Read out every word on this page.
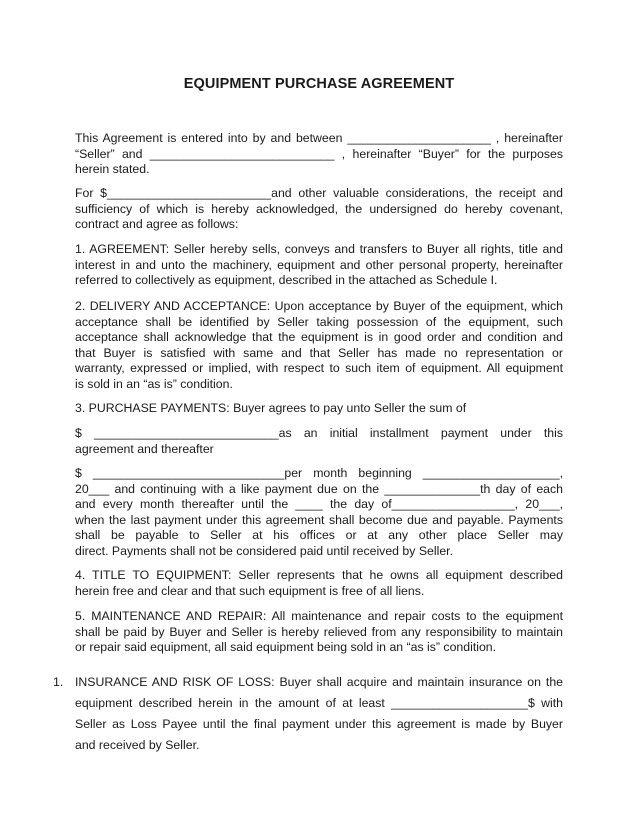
EQUIPMENT PURCHASE AGREEMENT
This Agreement is entered into by and between _____________________ , hereinafter
“Seller” and ___________________________ , hereinafter “Buyer” for the purposes
herein stated.
For $________________________and other valuable considerations, the receipt and
sufficiency of which is hereby acknowledged, the undersigned do hereby covenant,
contract and agree as follows:
1. AGREEMENT: Seller hereby sells, conveys and transfers to Buyer all rights, title and
interest in and unto the machinery, equipment and other personal property, hereinafter
referred to collectively as equipment, described in the attached as Schedule I.
2. DELIVERY AND ACCEPTANCE: Upon acceptance by Buyer of the equipment, which
acceptance shall be identified by Seller taking possession of the equipment, such
acceptance shall acknowledge that the equipment is in good order and condition and
that Buyer is satisfied with same and that Seller has made no representation or
warranty, expressed or implied, with respect to such item of equipment. All equipment
is sold in an “as is” condition.
3. PURCHASE PAYMENTS: Buyer agrees to pay unto Seller the sum of
$ ___________________________as an initial installment payment under this
agreement and thereafter
$ ____________________________per month beginning ____________________,
20___ and continuing with a like payment due on the ______________th day of each
and every month thereafter until the ____ the day of__________________, 20___,
when the last payment under this agreement shall become due and payable. Payments
shall be payable to Seller at his offices or at any other place Seller may
direct. Payments shall not be considered paid until received by Seller.
4. TITLE TO EQUIPMENT: Seller represents that he owns all equipment described
herein free and clear and that such equipment is free of all liens.
5. MAINTENANCE AND REPAIR: All maintenance and repair costs to the equipment
shall be paid by Buyer and Seller is hereby relieved from any responsibility to maintain
or repair said equipment, all said equipment being sold in an “as is” condition.
1. INSURANCE AND RISK OF LOSS: Buyer shall acquire and maintain insurance on the
equipment described herein in the amount of at least ____________________$ with
Seller as Loss Payee until the final payment under this agreement is made by Buyer
and received by Seller.
